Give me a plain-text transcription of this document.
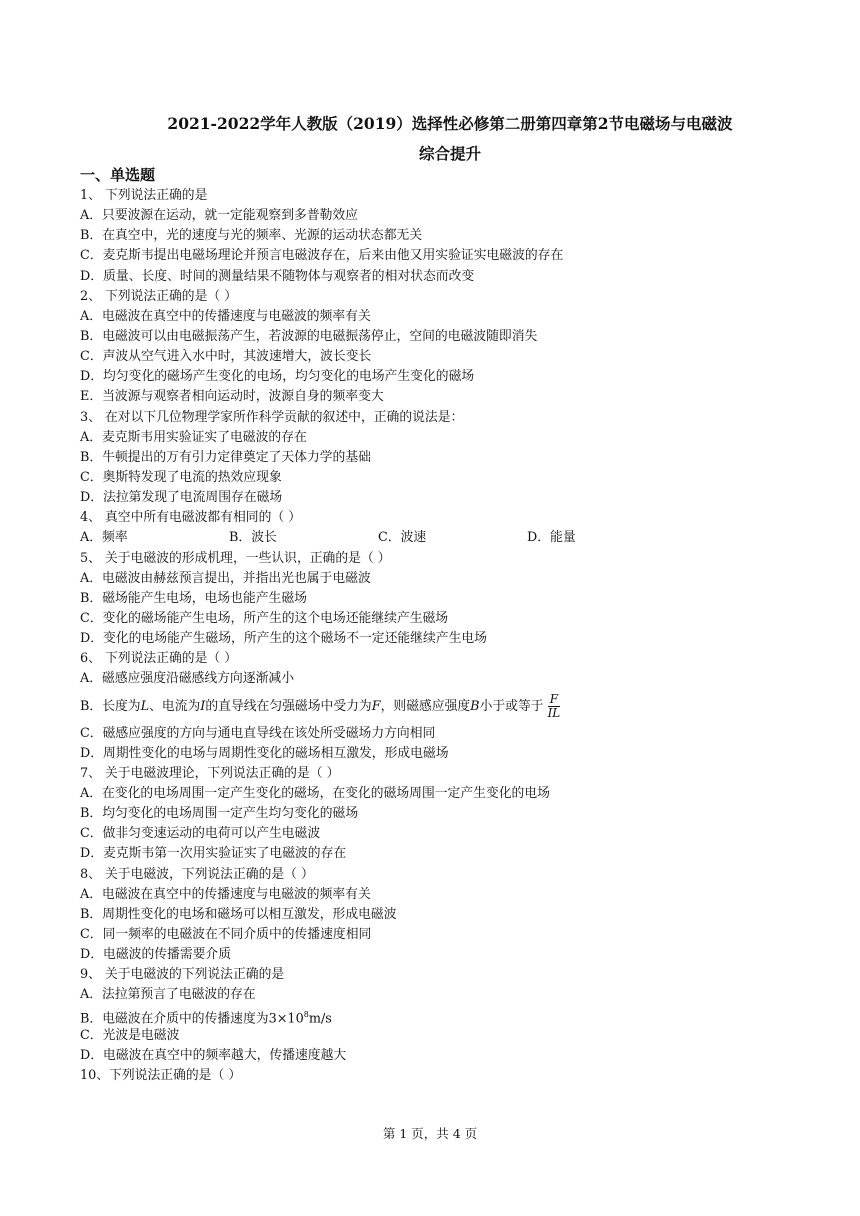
2021-2022学年人教版（2019）选择性必修第二册第四章第2节电磁场与电磁波
综合提升
一、单选题
1、 下列说法正确的是
A．只要波源在运动，就一定能观察到多普勒效应
B．在真空中，光的速度与光的频率、光源的运动状态都无关
C．麦克斯韦提出电磁场理论并预言电磁波存在，后来由他又用实验证实电磁波的存在
D．质量、长度、时间的测量结果不随物体与观察者的相对状态而改变
2、 下列说法正确的是（ ）
A．电磁波在真空中的传播速度与电磁波的频率有关
B．电磁波可以由电磁振荡产生，若波源的电磁振荡停止，空间的电磁波随即消失
C．声波从空气进入水中时，其波速增大，波长变长
D．均匀变化的磁场产生变化的电场，均匀变化的电场产生变化的磁场
E．当波源与观察者相向运动时，波源自身的频率变大
3、 在对以下几位物理学家所作科学贡献的叙述中，正确的说法是：
A．麦克斯韦用实验证实了电磁波的存在
B．牛顿提出的万有引力定律奠定了天体力学的基础
C．奥斯特发现了电流的热效应现象
D．法拉第发现了电流周围存在磁场
4、 真空中所有电磁波都有相同的（ ）
A．频率	B．波长	C．波速	D．能量
5、 关于电磁波的形成机理，一些认识，正确的是（ ）
A．电磁波由赫兹预言提出，并指出光也属于电磁波
B．磁场能产生电场，电场也能产生磁场
C．变化的磁场能产生电场，所产生的这个电场还能继续产生磁场
D．变化的电场能产生磁场，所产生的这个磁场不一定还能继续产生电场
6、 下列说法正确的是（ ）
A．磁感应强度沿磁感线方向逐渐减小
B．长度为L、电流为I的直导线在匀强磁场中受力为F，则磁感应强度B小于或等于 $\frac{F}{IL}$
C．磁感应强度的方向与通电直导线在该处所受磁场力方向相同
D．周期性变化的电场与周期性变化的磁场相互激发，形成电磁场
7、 关于电磁波理论，下列说法正确的是（ ）
A．在变化的电场周围一定产生变化的磁场，在变化的磁场周围一定产生变化的电场
B．均匀变化的电场周围一定产生均匀变化的磁场
C．做非匀变速运动的电荷可以产生电磁波
D．麦克斯韦第一次用实验证实了电磁波的存在
8、 关于电磁波，下列说法正确的是（ ）
A．电磁波在真空中的传播速度与电磁波的频率有关
B．周期性变化的电场和磁场可以相互激发，形成电磁波
C．同一频率的电磁波在不同介质中的传播速度相同
D．电磁波的传播需要介质
9、 关于电磁波的下列说法正确的是
A．法拉第预言了电磁波的存在
B．电磁波在介质中的传播速度为$3\times 10^8m/s$
C．光波是电磁波
D．电磁波在真空中的频率越大，传播速度越大
10、下列说法正确的是（ ）
第 1 页，共 4 页
